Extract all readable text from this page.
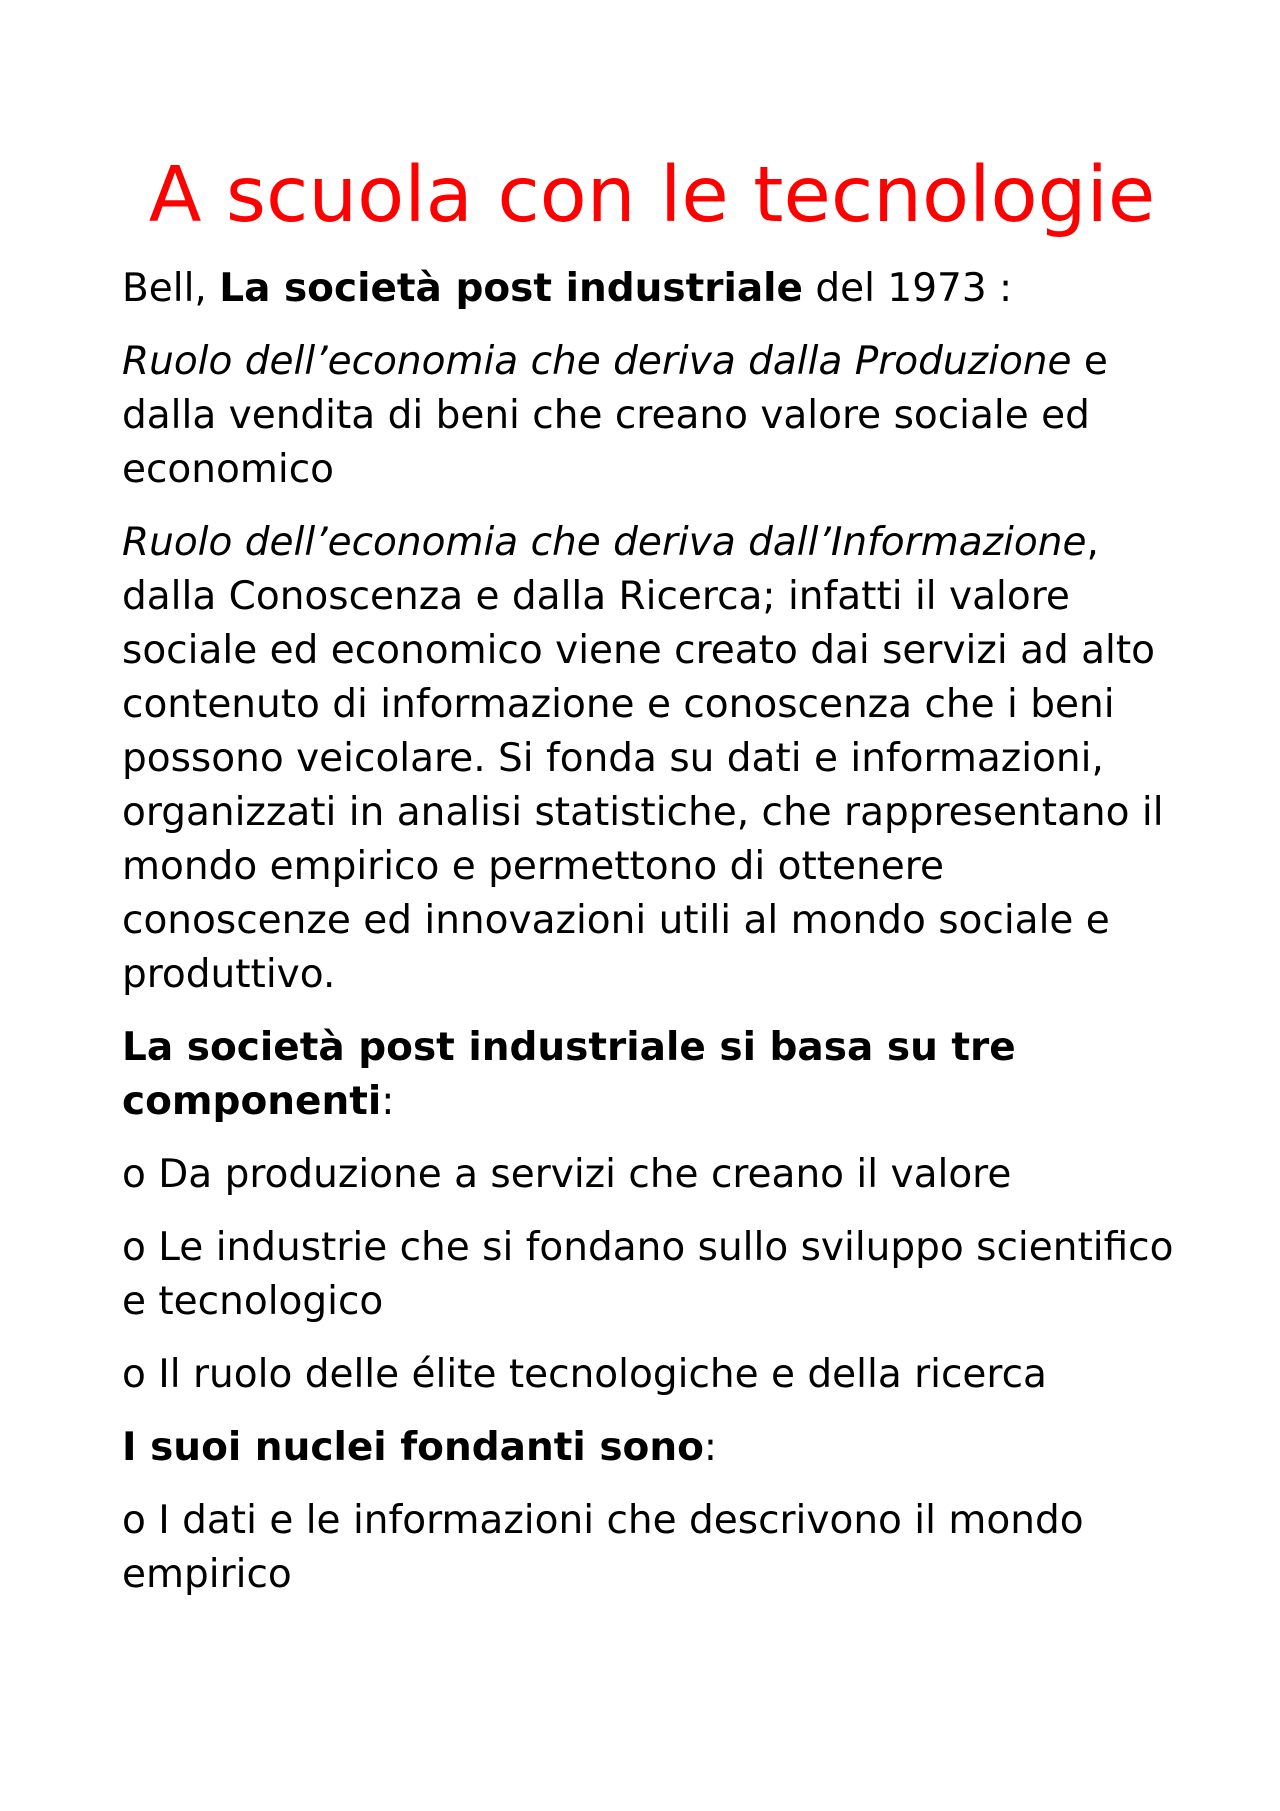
A scuola con le tecnologie

Bell, La società post industriale del 1973 :

Ruolo dell’economia che deriva dalla Produzione e dalla vendita di beni che creano valore sociale ed economico

Ruolo dell’economia che deriva dall’Informazione, dalla Conoscenza e dalla Ricerca; infatti il valore sociale ed economico viene creato dai servizi ad alto contenuto di informazione e conoscenza che i beni possono veicolare. Si fonda su dati e informazioni, organizzati in analisi statistiche, che rappresentano il mondo empirico e permettono di ottenere conoscenze ed innovazioni utili al mondo sociale e produttivo.

La società post industriale si basa su tre componenti:

o Da produzione a servizi che creano il valore

o Le industrie che si fondano sullo sviluppo scientifico e tecnologico

o Il ruolo delle élite tecnologiche e della ricerca

I suoi nuclei fondanti sono:

o I dati e le informazioni che descrivono il mondo empirico
